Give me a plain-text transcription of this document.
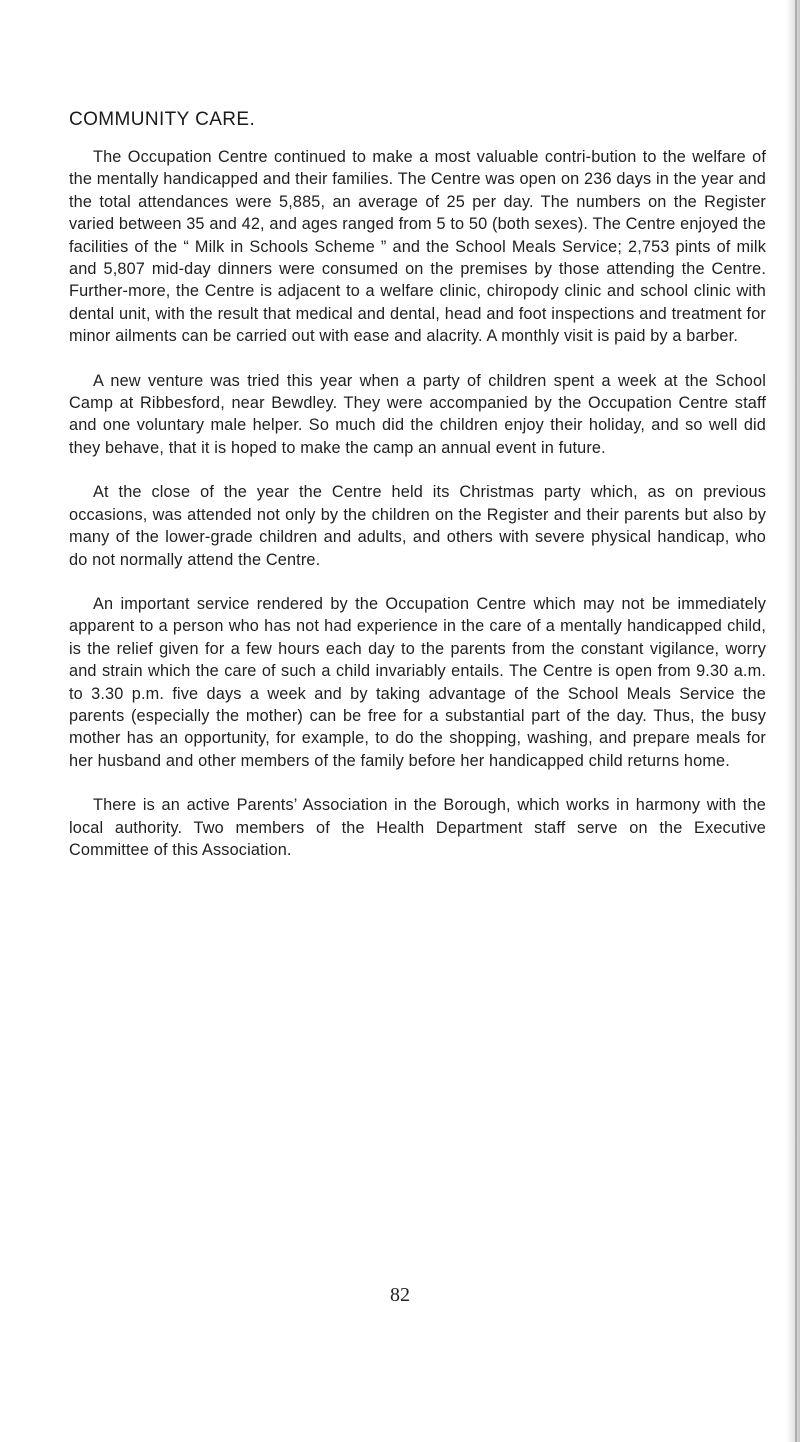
COMMUNITY CARE.

The Occupation Centre continued to make a most valuable contri-bution to the welfare of the mentally handicapped and their families. The Centre was open on 236 days in the year and the total attendances were 5,885, an average of 25 per day. The numbers on the Register varied between 35 and 42, and ages ranged from 5 to 50 (both sexes). The Centre enjoyed the facilities of the “ Milk in Schools Scheme ” and the School Meals Service; 2,753 pints of milk and 5,807 mid-day dinners were consumed on the premises by those attending the Centre. Further-more, the Centre is adjacent to a welfare clinic, chiropody clinic and school clinic with dental unit, with the result that medical and dental, head and foot inspections and treatment for minor ailments can be carried out with ease and alacrity. A monthly visit is paid by a barber.

A new venture was tried this year when a party of children spent a week at the School Camp at Ribbesford, near Bewdley. They were accompanied by the Occupation Centre staff and one voluntary male helper. So much did the children enjoy their holiday, and so well did they behave, that it is hoped to make the camp an annual event in future.

At the close of the year the Centre held its Christmas party which, as on previous occasions, was attended not only by the children on the Register and their parents but also by many of the lower-grade children and adults, and others with severe physical handicap, who do not normally attend the Centre.

An important service rendered by the Occupation Centre which may not be immediately apparent to a person who has not had experience in the care of a mentally handicapped child, is the relief given for a few hours each day to the parents from the constant vigilance, worry and strain which the care of such a child invariably entails. The Centre is open from 9.30 a.m. to 3.30 p.m. five days a week and by taking advantage of the School Meals Service the parents (especially the mother) can be free for a substantial part of the day. Thus, the busy mother has an opportunity, for example, to do the shopping, washing, and prepare meals for her husband and other members of the family before her handicapped child returns home.

There is an active Parents’ Association in the Borough, which works in harmony with the local authority. Two members of the Health Department staff serve on the Executive Committee of this Association.

82
